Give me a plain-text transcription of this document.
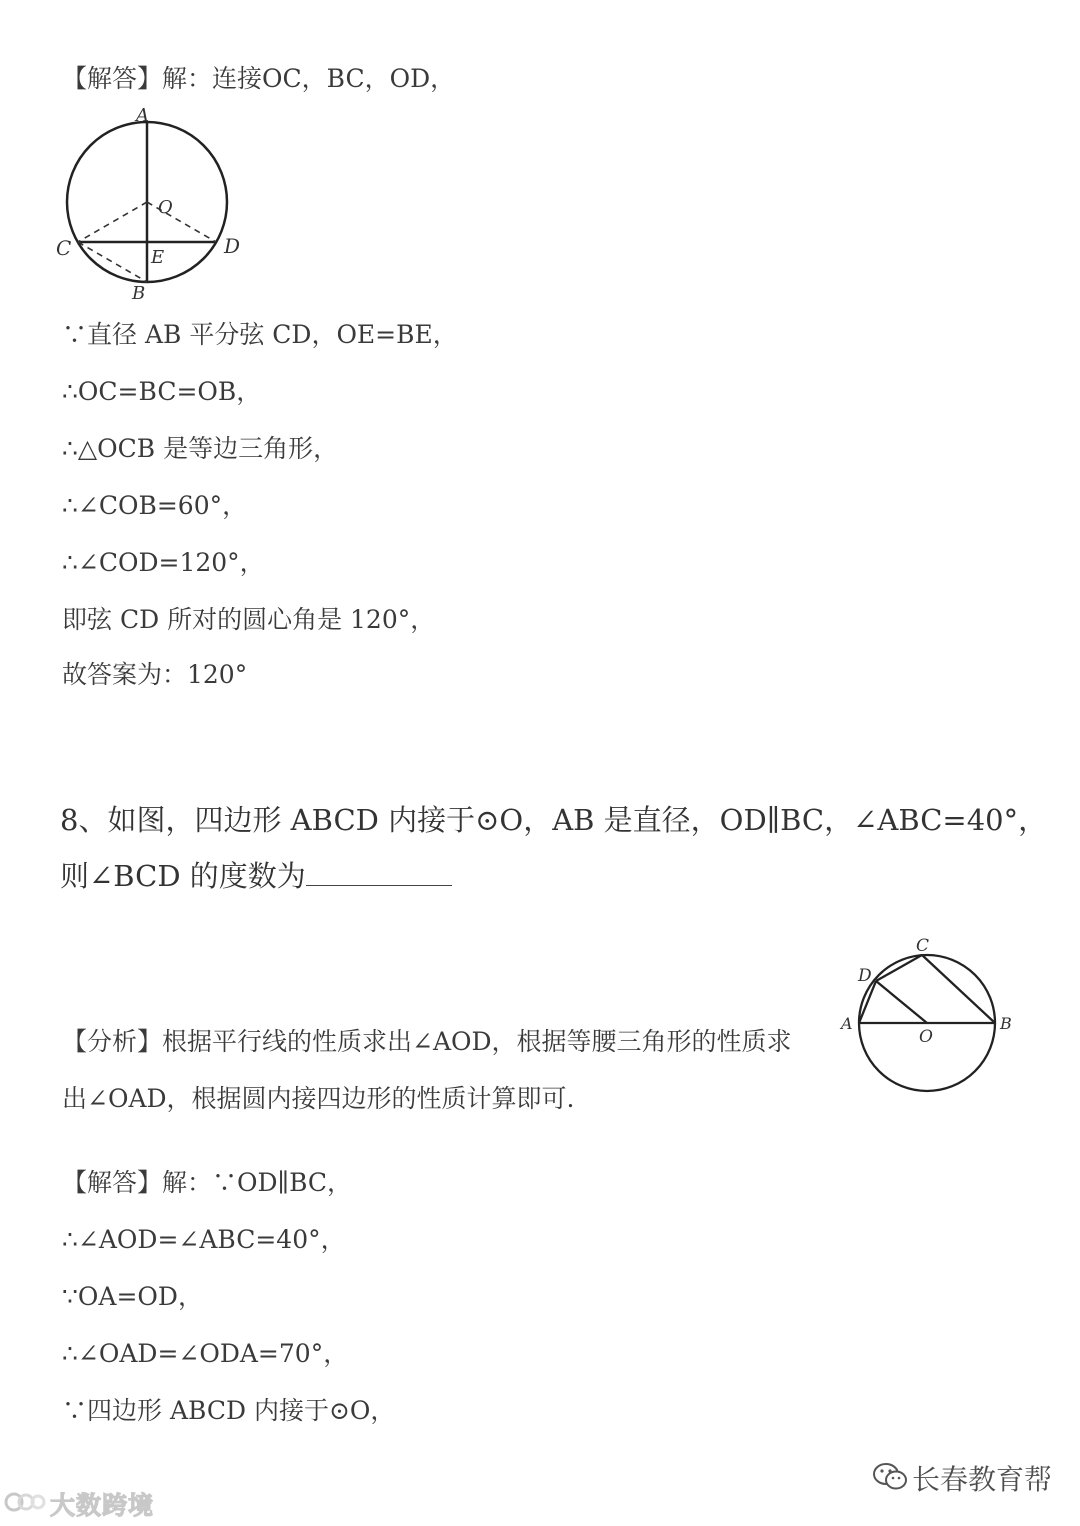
【解答】解：连接OC，BC，OD，
A
O
C	D
E
B
∵直径 AB 平分弦 CD，OE=BE，
∴OC=BC=OB，
∴△OCB 是等边三角形，
∴∠COB=60°，
∴∠COD=120°，
即弦 CD 所对的圆心角是 120°，
故答案为：120°
8、如图，四边形 ABCD 内接于⊙O，AB 是直径，OD∥BC，∠ABC=40°，
则∠BCD 的度数为
C
D
A
O
B
【分析】根据平行线的性质求出∠AOD，根据等腰三角形的性质求
出∠OAD，根据圆内接四边形的性质计算即可.
【解答】解：∵OD∥BC，
∴∠AOD=∠ABC=40°，
∵OA=OD，
∴∠OAD=∠ODA=70°，
∵四边形 ABCD 内接于⊙O，
大数跨境
长春教育帮
